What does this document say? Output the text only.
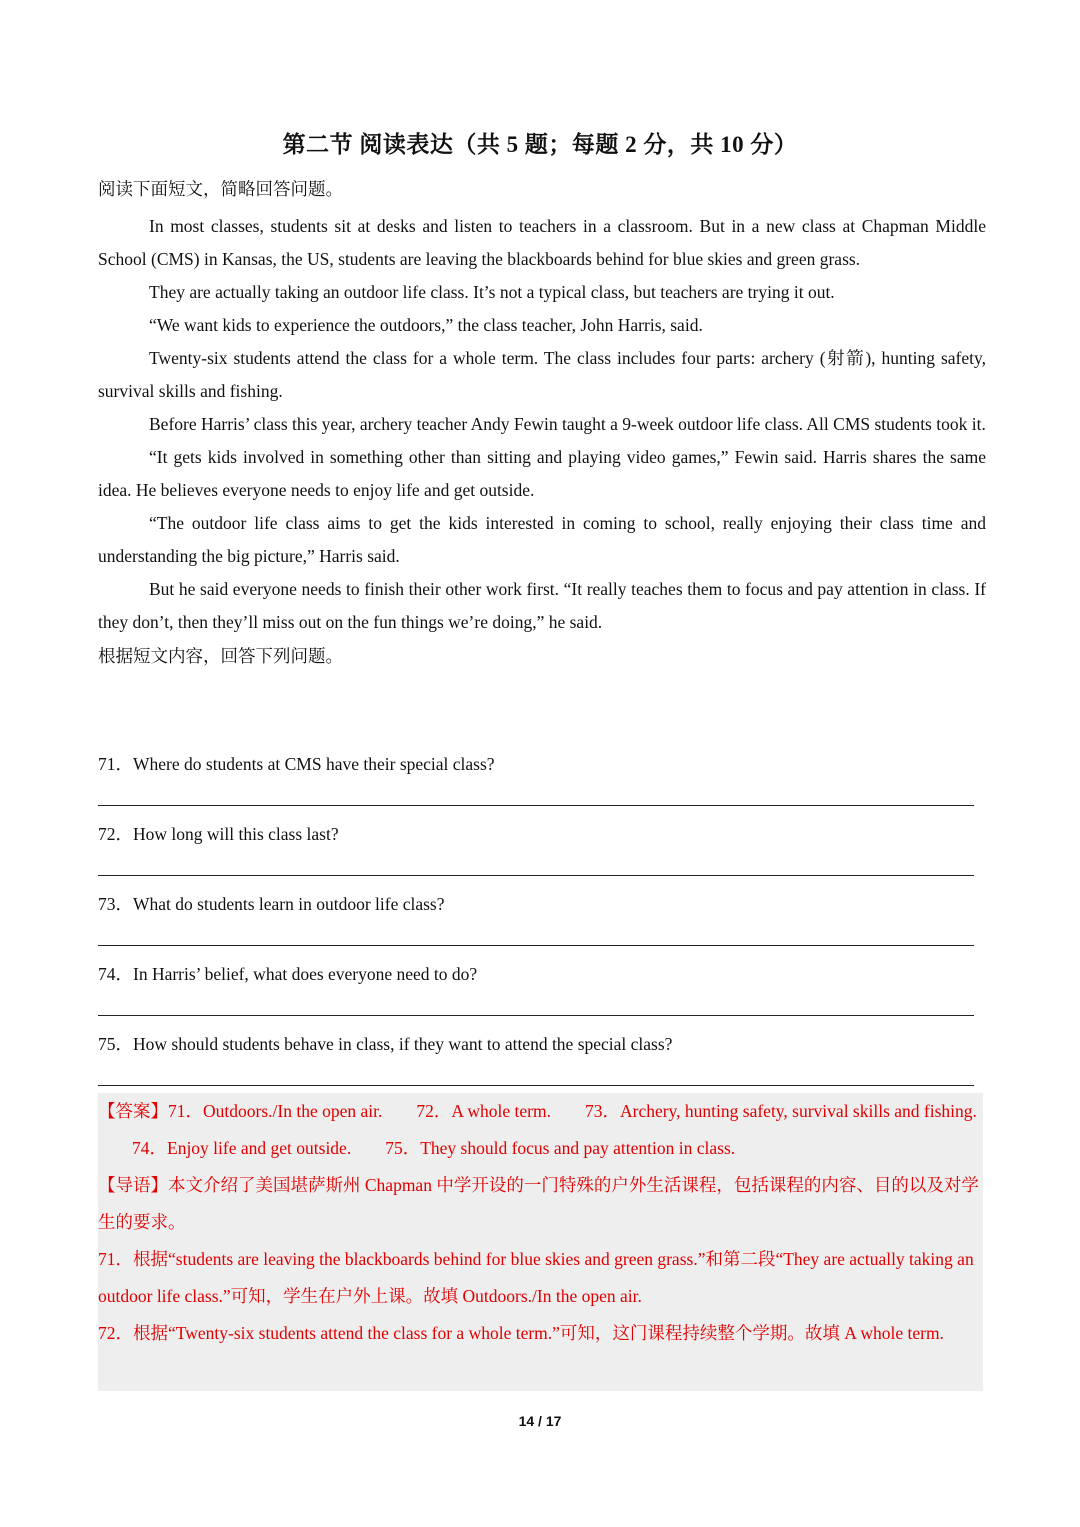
第二节 阅读表达（共 5 题；每题 2 分，共 10 分）

阅读下面短文，简略回答问题。

In most classes, students sit at desks and listen to teachers in a classroom. But in a new class at Chapman Middle School (CMS) in Kansas, the US, students are leaving the blackboards behind for blue skies and green grass.

They are actually taking an outdoor life class. It’s not a typical class, but teachers are trying it out.

“We want kids to experience the outdoors,” the class teacher, John Harris, said.

Twenty-six students attend the class for a whole term. The class includes four parts: archery (射箭), hunting safety, survival skills and fishing.

Before Harris’ class this year, archery teacher Andy Fewin taught a 9-week outdoor life class. All CMS students took it.

“It gets kids involved in something other than sitting and playing video games,” Fewin said. Harris shares the same idea. He believes everyone needs to enjoy life and get outside.

“The outdoor life class aims to get the kids interested in coming to school, really enjoying their class time and understanding the big picture,” Harris said.

But he said everyone needs to finish their other work first. “It really teaches them to focus and pay attention in class. If they don’t, then they’ll miss out on the fun things we’re doing,” he said.

根据短文内容，回答下列问题。

71．Where do students at CMS have their special class?

72．How long will this class last?

73．What do students learn in outdoor life class?

74．In Harris’ belief, what does everyone need to do?

75．How should students behave in class, if they want to attend the special class?

【答案】71．Outdoors./In the open air. 72．A whole term. 73．Archery, hunting safety, survival skills and fishing.74．Enjoy life and get outside. 75．They should focus and pay attention in class.

【导语】本文介绍了美国堪萨斯州 Chapman 中学开设的一门特殊的户外生活课程，包括课程的内容、目的以及对学生的要求。

71．根据“students are leaving the blackboards behind for blue skies and green grass.”和第二段“They are actually taking an outdoor life class.”可知，学生在户外上课。故填 Outdoors./In the open air.

72．根据“Twenty-six students attend the class for a whole term.”可知，这门课程持续整个学期。故填 A whole term.

14 / 17
